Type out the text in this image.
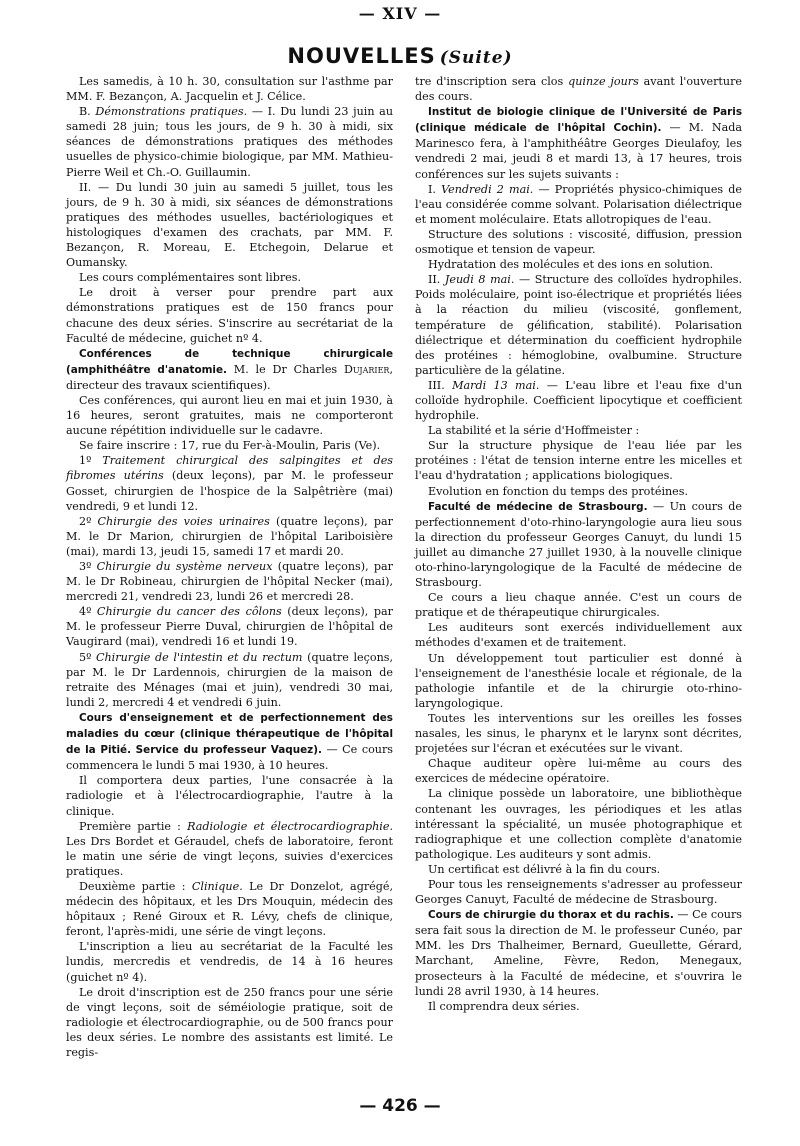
— XIV —
NOUVELLES (Suite)

Les samedis, à 10 h. 30, consultation sur l'asthme par MM. F. Bezançon, A. Jacquelin et J. Célice.

B. Démonstrations pratiques. — I. Du lundi 23 juin au samedi 28 juin; tous les jours, de 9 h. 30 à midi, six séances de démonstrations pratiques des méthodes usuelles de physico-chimie biologique, par MM. Mathieu-Pierre Weil et Ch.-O. Guillaumin.

II. — Du lundi 30 juin au samedi 5 juillet, tous les jours, de 9 h. 30 à midi, six séances de démonstrations pratiques des méthodes usuelles, bactériologiques et histologiques d'examen des crachats, par MM. F. Bezançon, R. Moreau, E. Etchegoin, Delarue et Oumansky.

Les cours complémentaires sont libres.

Le droit à verser pour prendre part aux démonstrations pratiques est de 150 francs pour chacune des deux séries. S'inscrire au secrétariat de la Faculté de médecine, guichet nº 4.

Conférences de technique chirurgicale (amphithéâtre d'anatomie. M. le Dr Charles Dujarier, directeur des travaux scientifiques).

Ces conférences, qui auront lieu en mai et juin 1930, à 16 heures, seront gratuites, mais ne comporteront aucune répétition individuelle sur le cadavre.

Se faire inscrire : 17, rue du Fer-à-Moulin, Paris (Ve).

1º Traitement chirurgical des salpingites et des fibromes utérins (deux leçons), par M. le professeur Gosset, chirurgien de l'hospice de la Salpêtrière (mai) vendredi, 9 et lundi 12.

2º Chirurgie des voies urinaires (quatre leçons), par M. le Dr Marion, chirurgien de l'hôpital Lariboisière (mai), mardi 13, jeudi 15, samedi 17 et mardi 20.

3º Chirurgie du système nerveux (quatre leçons), par M. le Dr Robineau, chirurgien de l'hôpital Necker (mai), mercredi 21, vendredi 23, lundi 26 et mercredi 28.

4º Chirurgie du cancer des côlons (deux leçons), par M. le professeur Pierre Duval, chirurgien de l'hôpital de Vaugirard (mai), vendredi 16 et lundi 19.

5º Chirurgie de l'intestin et du rectum (quatre leçons, par M. le Dr Lardennois, chirurgien de la maison de retraite des Ménages (mai et juin), vendredi 30 mai, lundi 2, mercredi 4 et vendredi 6 juin.

Cours d'enseignement et de perfectionnement des maladies du cœur (clinique thérapeutique de l'hôpital de la Pitié. Service du professeur Vaquez). — Ce cours commencera le lundi 5 mai 1930, à 10 heures.

Il comportera deux parties, l'une consacrée à la radiologie et à l'électrocardiographie, l'autre à la clinique.

Première partie : Radiologie et électrocardiographie. Les Drs Bordet et Géraudel, chefs de laboratoire, feront le matin une série de vingt leçons, suivies d'exercices pratiques.

Deuxième partie : Clinique. Le Dr Donzelot, agrégé, médecin des hôpitaux, et les Drs Mouquin, médecin des hôpitaux ; René Giroux et R. Lévy, chefs de clinique, feront, l'après-midi, une série de vingt leçons.

L'inscription a lieu au secrétariat de la Faculté les lundis, mercredis et vendredis, de 14 à 16 heures (guichet nº 4).

Le droit d'inscription est de 250 francs pour une série de vingt leçons, soit de séméiologie pratique, soit de radiologie et électrocardiographie, ou de 500 francs pour les deux séries. Le nombre des assistants est limité. Le regis-

tre d'inscription sera clos quinze jours avant l'ouverture des cours.

Institut de biologie clinique de l'Université de Paris (clinique médicale de l'hôpital Cochin). — M. Nada Marinesco fera, à l'amphithéâtre Georges Dieulafoy, les vendredi 2 mai, jeudi 8 et mardi 13, à 17 heures, trois conférences sur les sujets suivants :

I. Vendredi 2 mai. — Propriétés physico-chimiques de l'eau considérée comme solvant. Polarisation diélectrique et moment moléculaire. Etats allotropiques de l'eau.

Structure des solutions : viscosité, diffusion, pression osmotique et tension de vapeur.

Hydratation des molécules et des ions en solution.

II. Jeudi 8 mai. — Structure des colloïdes hydrophiles. Poids moléculaire, point iso-électrique et propriétés liées à la réaction du milieu (viscosité, gonflement, température de gélification, stabilité). Polarisation diélectrique et détermination du coefficient hydrophile des protéines : hémoglobine, ovalbumine. Structure particulière de la gélatine.

III. Mardi 13 mai. — L'eau libre et l'eau fixe d'un colloïde hydrophile. Coefficient lipocytique et coefficient hydrophile.

La stabilité et la série d'Hoffmeister :

Sur la structure physique de l'eau liée par les protéines : l'état de tension interne entre les micelles et l'eau d'hydratation ; applications biologiques.

Evolution en fonction du temps des protéines.

Faculté de médecine de Strasbourg. — Un cours de perfectionnement d'oto-rhino-laryngologie aura lieu sous la direction du professeur Georges Canuyt, du lundi 15 juillet au dimanche 27 juillet 1930, à la nouvelle clinique oto-rhino-laryngologique de la Faculté de médecine de Strasbourg.

Ce cours a lieu chaque année. C'est un cours de pratique et de thérapeutique chirurgicales.

Les auditeurs sont exercés individuellement aux méthodes d'examen et de traitement.

Un développement tout particulier est donné à l'enseignement de l'anesthésie locale et régionale, de la pathologie infantile et de la chirurgie oto-rhino-laryngologique.

Toutes les interventions sur les oreilles les fosses nasales, les sinus, le pharynx et le larynx sont décrites, projetées sur l'écran et exécutées sur le vivant.

Chaque auditeur opère lui-même au cours des exercices de médecine opératoire.

La clinique possède un laboratoire, une bibliothèque contenant les ouvrages, les périodiques et les atlas intéressant la spécialité, un musée photographique et radiographique et une collection complète d'anatomie pathologique. Les auditeurs y sont admis.

Un certificat est délivré à la fin du cours.

Pour tous les renseignements s'adresser au professeur Georges Canuyt, Faculté de médecine de Strasbourg.

Cours de chirurgie du thorax et du rachis. — Ce cours sera fait sous la direction de M. le professeur Cunéo, par MM. les Drs Thalheimer, Bernard, Gueullette, Gérard, Marchant, Ameline, Fèvre, Redon, Menegaux, prosecteurs à la Faculté de médecine, et s'ouvrira le lundi 28 avril 1930, à 14 heures.

Il comprendra deux séries.

— 426 —
